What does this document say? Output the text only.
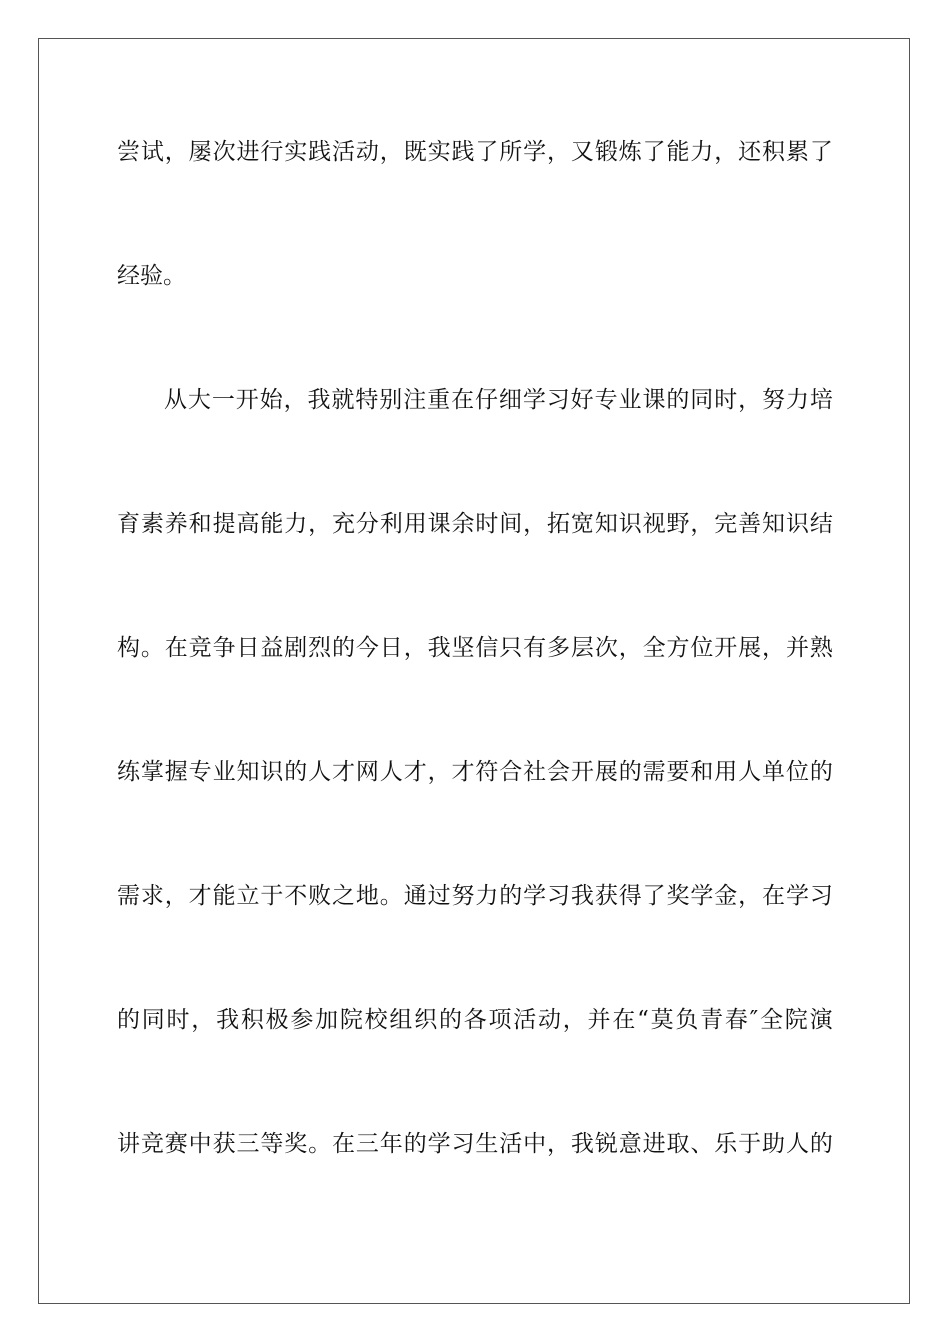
尝 试 ， 屡 次 进 行 实 践 活 动 ， 既 实 践 了 所 学 ， 又 锻 炼 了 能 力 ， 还 积 累 了
经 验 。
从 大 一 开 始 ， 我 就 特 别 注 重 在 仔 细 学 习 好 专 业 课 的 同 时 ， 努 力 培
育 素 养 和 提 高 能 力 ， 充 分 利 用 课 余 时 间 ， 拓 宽 知 识 视 野 ， 完 善 知 识 结
构 。 在 竞 争 日 益 剧 烈 的 今 日 ， 我 坚 信 只 有 多 层 次 ， 全 方 位 开 展 ， 并 熟
练 掌 握 专 业 知 识 的 人 才 网 人 才 ， 才 符 合 社 会 开 展 的 需 要 和 用 人 单 位 的
需 求 ， 才 能 立 于 不 败 之 地 。 通 过 努 力 的 学 习 我 获 得 了 奖 学 金 ， 在 学 习
的 同 时 ， 我 积 极 参 加 院 校 组 织 的 各 项 活 动 ， 并 在 “ 莫 负 青 春 ″ 全 院 演
讲 竞 赛 中 获 三 等 奖 。 在 三 年 的 学 习 生 活 中 ， 我 锐 意 进 取 、 乐 于 助 人 的
